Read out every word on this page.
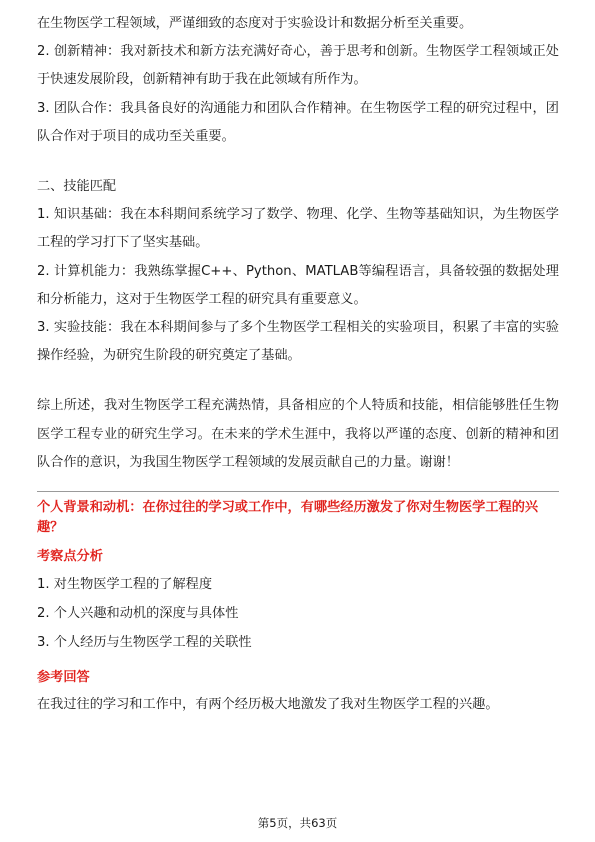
在生物医学工程领域，严谨细致的态度对于实验设计和数据分析至关重要。

2. 创新精神：我对新技术和新方法充满好奇心，善于思考和创新。生物医学工程领域正处于快速发展阶段，创新精神有助于我在此领域有所作为。

3. 团队合作：我具备良好的沟通能力和团队合作精神。在生物医学工程的研究过程中，团队合作对于项目的成功至关重要。

二、技能匹配

1. 知识基础：我在本科期间系统学习了数学、物理、化学、生物等基础知识，为生物医学工程的学习打下了坚实基础。

2. 计算机能力：我熟练掌握C++、Python、MATLAB等编程语言，具备较强的数据处理和分析能力，这对于生物医学工程的研究具有重要意义。

3. 实验技能：我在本科期间参与了多个生物医学工程相关的实验项目，积累了丰富的实验操作经验，为研究生阶段的研究奠定了基础。

综上所述，我对生物医学工程充满热情，具备相应的个人特质和技能，相信能够胜任生物医学工程专业的研究生学习。在未来的学术生涯中，我将以严谨的态度、创新的精神和团队合作的意识，为我国生物医学工程领域的发展贡献自己的力量。谢谢！

个人背景和动机：在你过往的学习或工作中，有哪些经历激发了你对生物医学工程的兴趣？

考察点分析

1. 对生物医学工程的了解程度

2. 个人兴趣和动机的深度与具体性

3. 个人经历与生物医学工程的关联性

参考回答

在我过往的学习和工作中，有两个经历极大地激发了我对生物医学工程的兴趣。

第5页，共63页
